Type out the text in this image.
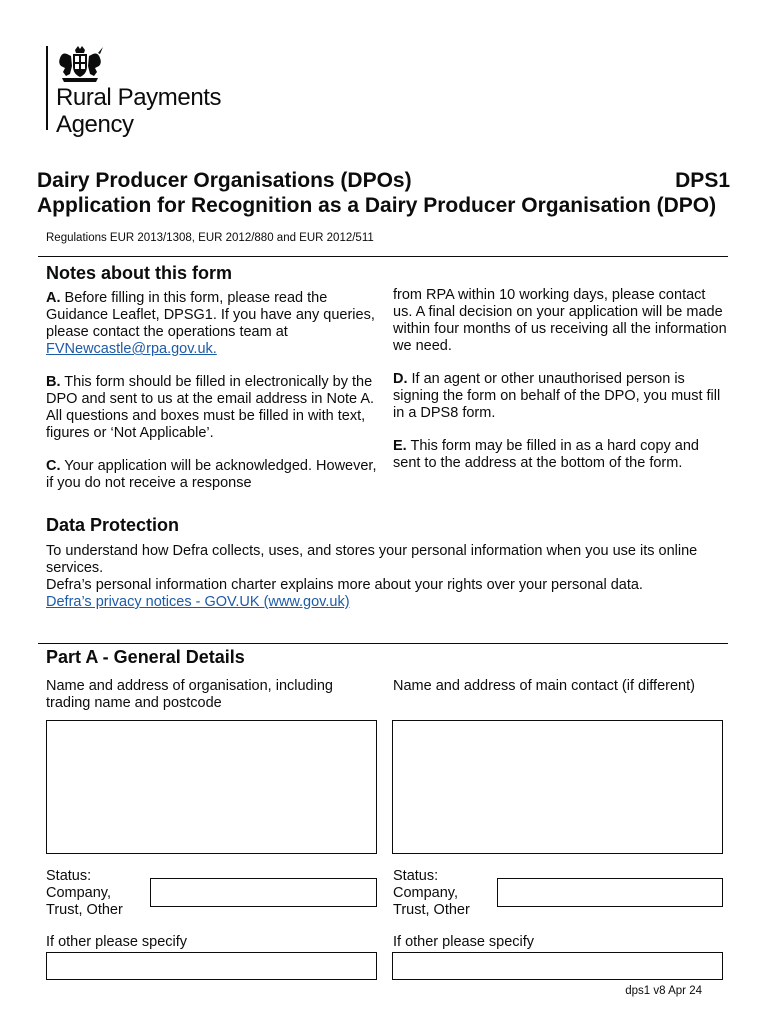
Rural Payments
Agency
Dairy Producer Organisations (DPOs)	DPS1
Application for Recognition as a Dairy Producer Organisation (DPO)
Regulations EUR 2013/1308, EUR 2012/880 and EUR 2012/511
Notes about this form

A. Before filling in this form, please read the Guidance Leaflet, DPSG1. If you have any queries, please contact the operations team at FVNewcastle@rpa.gov.uk.

B. This form should be filled in electronically by the DPO and sent to us at the email address in Note A.
All questions and boxes must be filled in with text, figures or ‘Not Applicable’.

C. Your application will be acknowledged. However, if you do not receive a response

from RPA within 10 working days, please contact us. A final decision on your application will be made within four months of us receiving all the information we need.

D. If an agent or other unauthorised person is signing the form on behalf of the DPO, you must fill in a DPS8 form.

E. This form may be filled in as a hard copy and sent to the address at the bottom of the form.

Data Protection
To understand how Defra collects, uses, and stores your personal information when you use its online services.
Defra’s personal information charter explains more about your rights over your personal data.
Defra’s privacy notices - GOV.UK (www.gov.uk)
Part A - General Details
Name and address of organisation, including trading name and postcode
Name and address of main contact (if different)
Status:
Company,
Trust, Other
Status:
Company,
Trust, Other
If other please specify	If other please specify
dps1 v8 Apr 24
